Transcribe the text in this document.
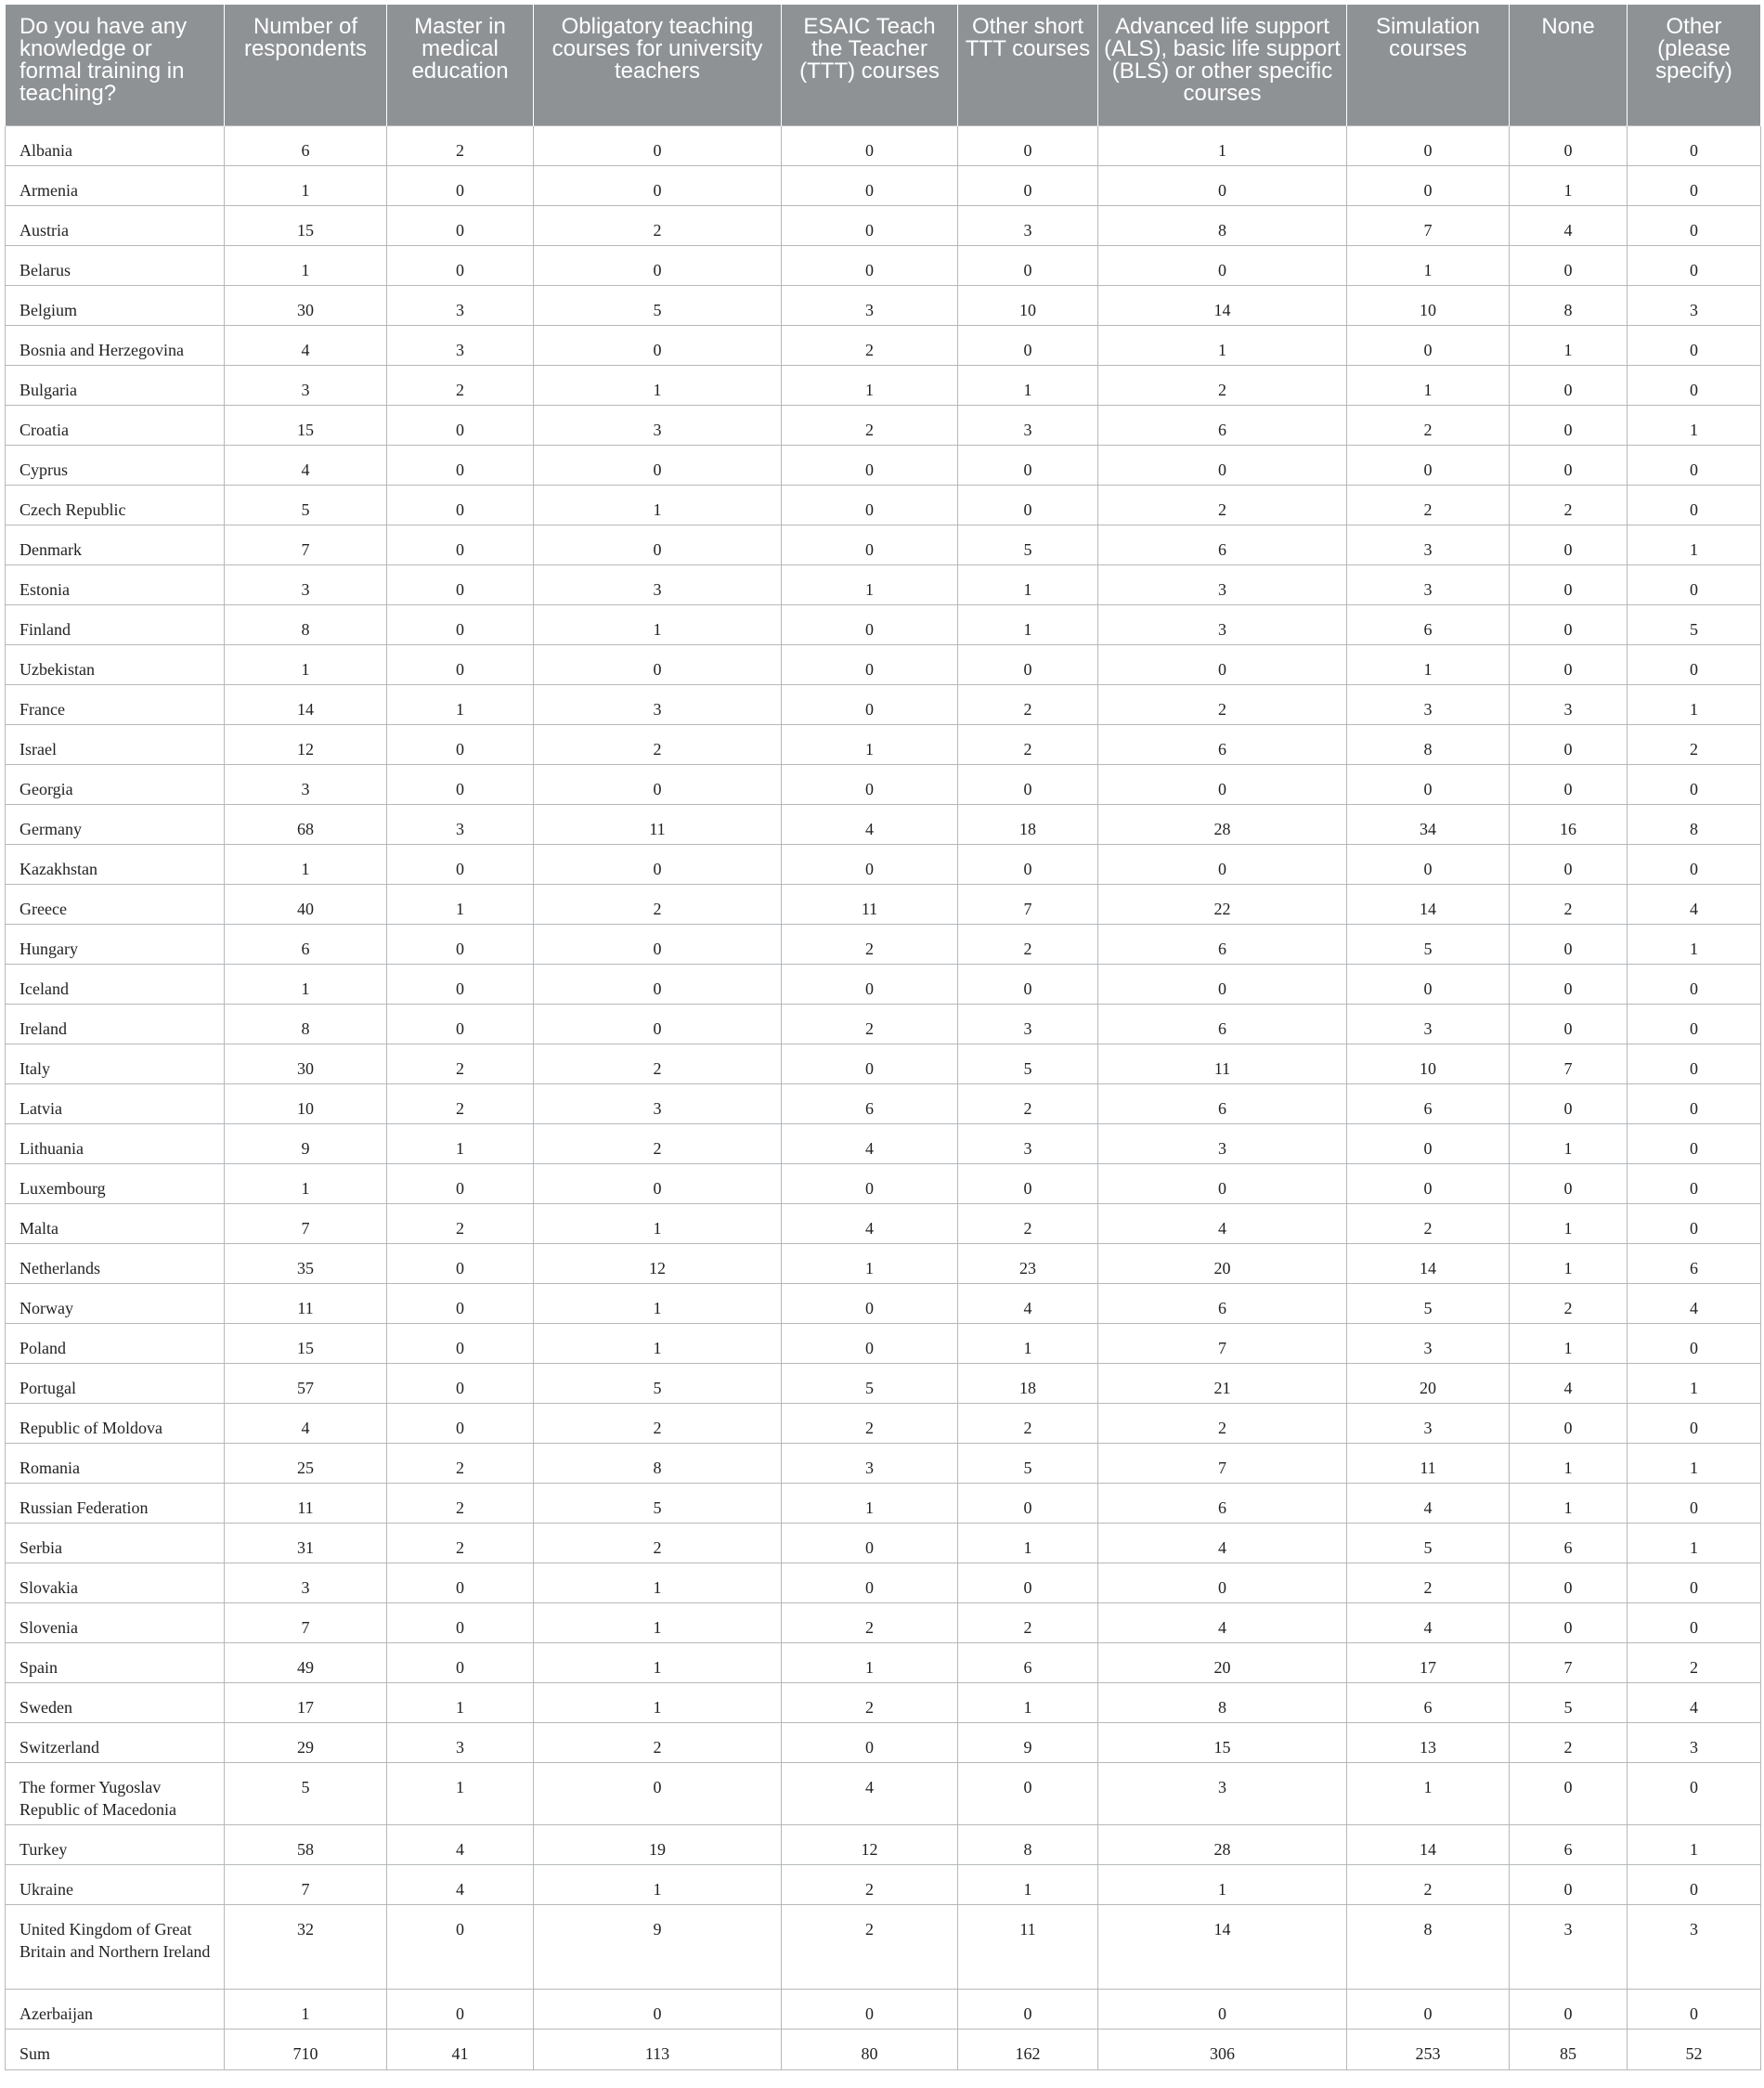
Do you have any knowledge or formal training in teaching?	Number of respondents	Master in medical education	Obligatory teaching courses for university teachers	ESAIC Teach the Teacher (TTT) courses	Other short TTT courses	Advanced life support (ALS), basic life support (BLS) or other specific courses	Simulation courses	None	Other (please specify)
Albania	6	2	0	0	0	1	0	0	0
Armenia	1	0	0	0	0	0	0	1	0
Austria	15	0	2	0	3	8	7	4	0
Belarus	1	0	0	0	0	0	1	0	0
Belgium	30	3	5	3	10	14	10	8	3
Bosnia and Herzegovina	4	3	0	2	0	1	0	1	0
Bulgaria	3	2	1	1	1	2	1	0	0
Croatia	15	0	3	2	3	6	2	0	1
Cyprus	4	0	0	0	0	0	0	0	0
Czech Republic	5	0	1	0	0	2	2	2	0
Denmark	7	0	0	0	5	6	3	0	1
Estonia	3	0	3	1	1	3	3	0	0
Finland	8	0	1	0	1	3	6	0	5
Uzbekistan	1	0	0	0	0	0	1	0	0
France	14	1	3	0	2	2	3	3	1
Israel	12	0	2	1	2	6	8	0	2
Georgia	3	0	0	0	0	0	0	0	0
Germany	68	3	11	4	18	28	34	16	8
Kazakhstan	1	0	0	0	0	0	0	0	0
Greece	40	1	2	11	7	22	14	2	4
Hungary	6	0	0	2	2	6	5	0	1
Iceland	1	0	0	0	0	0	0	0	0
Ireland	8	0	0	2	3	6	3	0	0
Italy	30	2	2	0	5	11	10	7	0
Latvia	10	2	3	6	2	6	6	0	0
Lithuania	9	1	2	4	3	3	0	1	0
Luxembourg	1	0	0	0	0	0	0	0	0
Malta	7	2	1	4	2	4	2	1	0
Netherlands	35	0	12	1	23	20	14	1	6
Norway	11	0	1	0	4	6	5	2	4
Poland	15	0	1	0	1	7	3	1	0
Portugal	57	0	5	5	18	21	20	4	1
Republic of Moldova	4	0	2	2	2	2	3	0	0
Romania	25	2	8	3	5	7	11	1	1
Russian Federation	11	2	5	1	0	6	4	1	0
Serbia	31	2	2	0	1	4	5	6	1
Slovakia	3	0	1	0	0	0	2	0	0
Slovenia	7	0	1	2	2	4	4	0	0
Spain	49	0	1	1	6	20	17	7	2
Sweden	17	1	1	2	1	8	6	5	4
Switzerland	29	3	2	0	9	15	13	2	3
The former Yugoslav Republic of Macedonia	5	1	0	4	0	3	1	0	0
Turkey	58	4	19	12	8	28	14	6	1
Ukraine	7	4	1	2	1	1	2	0	0
United Kingdom of Great Britain and Northern Ireland	32	0	9	2	11	14	8	3	3
Azerbaijan	1	0	0	0	0	0	0	0	0
Sum	710	41	113	80	162	306	253	85	52
